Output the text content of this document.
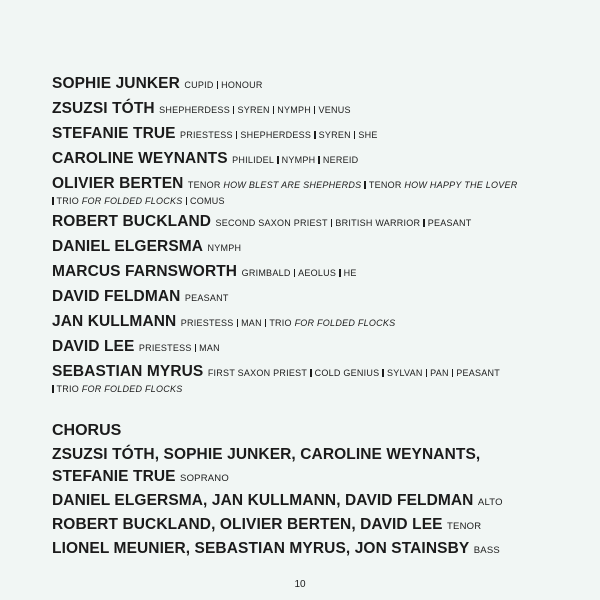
SOPHIE JUNKER CUPID HONOUR

ZSUZSI TÓTH SHEPHERDESS SYREN NYMPH VENUS

STEFANIE TRUE PRIESTESS SHEPHERDESS SYREN SHE

CAROLINE WEYNANTS PHILIDEL NYMPH NEREID

OLIVIER BERTEN TENOR HOW BLEST ARE SHEPHERDS TENOR HOW HAPPY THE LOVER
TRIO FOR FOLDED FLOCKS COMUS

ROBERT BUCKLAND SECOND SAXON PRIEST BRITISH WARRIOR PEASANT

DANIEL ELGERSMA NYMPH

MARCUS FARNSWORTH GRIMBALD AEOLUS HE

DAVID FELDMAN PEASANT

JAN KULLMANN PRIESTESS MAN TRIO FOR FOLDED FLOCKS

DAVID LEE PRIESTESS MAN

SEBASTIAN MYRUS FIRST SAXON PRIEST COLD GENIUS SYLVAN PAN PEASANT
TRIO FOR FOLDED FLOCKS

CHORUS
ZSUZSI TÓTH, SOPHIE JUNKER, CAROLINE WEYNANTS,
STEFANIE TRUE SOPRANO
DANIEL ELGERSMA, JAN KULLMANN, DAVID FELDMAN ALTO
ROBERT BUCKLAND, OLIVIER BERTEN, DAVID LEE TENOR
LIONEL MEUNIER, SEBASTIAN MYRUS, JON STAINSBY BASS
10
